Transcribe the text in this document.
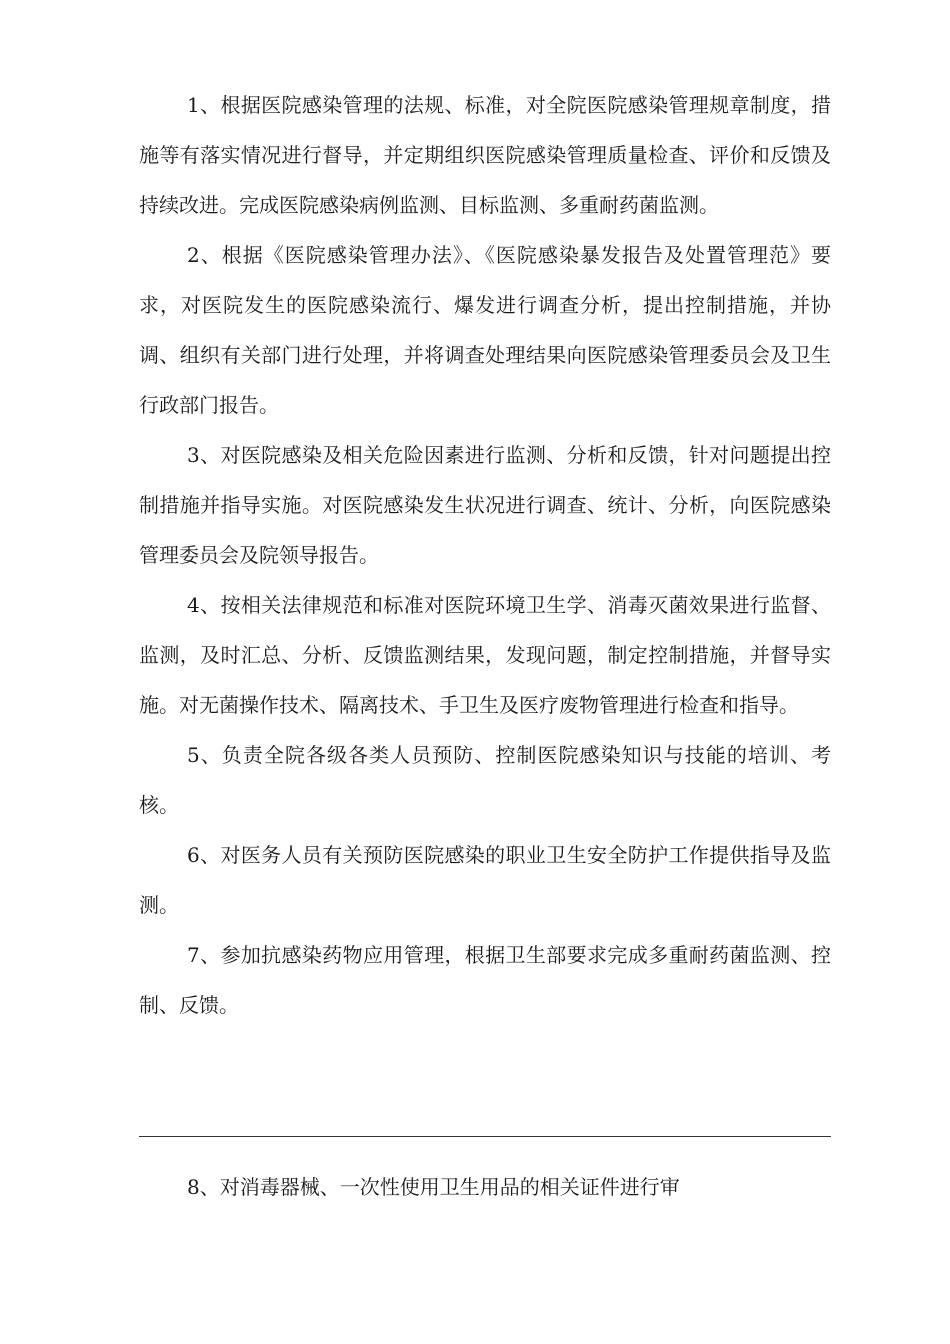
1、根据医院感染管理的法规、标准，对全院医院感染管理规章制度，措施等有落实情况进行督导，并定期组织医院感染管理质量检查、评价和反馈及持续改进。完成医院感染病例监测、目标监测、多重耐药菌监测。

2、根据《医院感染管理办法》、《医院感染暴发报告及处置管理范》要求，对医院发生的医院感染流行、爆发进行调查分析，提出控制措施，并协调、组织有关部门进行处理，并将调查处理结果向医院感染管理委员会及卫生行政部门报告。

3、对医院感染及相关危险因素进行监测、分析和反馈，针对问题提出控制措施并指导实施。对医院感染发生状况进行调查、统计、分析，向医院感染管理委员会及院领导报告。

4、按相关法律规范和标准对医院环境卫生学、消毒灭菌效果进行监督、监测，及时汇总、分析、反馈监测结果，发现问题，制定控制措施，并督导实施。对无菌操作技术、隔离技术、手卫生及医疗废物管理进行检查和指导。

5、负责全院各级各类人员预防、控制医院感染知识与技能的培训、考核。

6、对医务人员有关预防医院感染的职业卫生安全防护工作提供指导及监测。

7、参加抗感染药物应用管理，根据卫生部要求完成多重耐药菌监测、控制、反馈。

8、对消毒器械、一次性使用卫生用品的相关证件进行审
